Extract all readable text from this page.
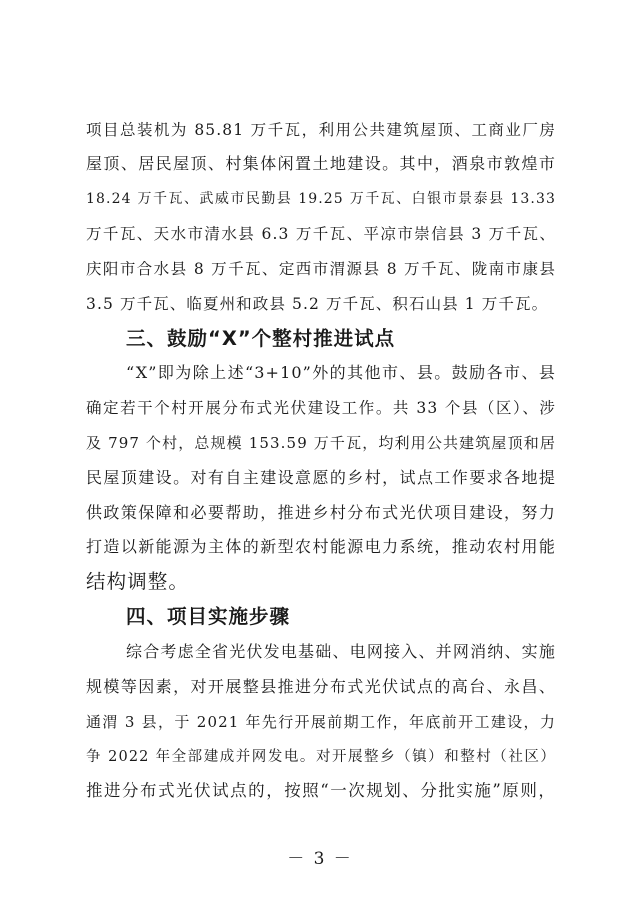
项目总装机为 85.81 万千瓦，利用公共建筑屋顶、工商业厂房
屋顶、居民屋顶、村集体闲置土地建设。其中，酒泉市敦煌市
18.24 万千瓦、武威市民勤县 19.25 万千瓦、白银市景泰县 13.33
万千瓦、天水市清水县 6.3 万千瓦、平凉市崇信县 3 万千瓦、
庆阳市合水县 8 万千瓦、定西市渭源县 8 万千瓦、陇南市康县
3.5 万千瓦、临夏州和政县 5.2 万千瓦、积石山县 1 万千瓦。
三、鼓励“X”个整村推进试点
“X”即为除上述“3+10”外的其他市、县。鼓励各市、县
确定若干个村开展分布式光伏建设工作。共 33 个县（区）、涉
及 797 个村，总规模 153.59 万千瓦，均利用公共建筑屋顶和居
民屋顶建设。对有自主建设意愿的乡村，试点工作要求各地提
供政策保障和必要帮助，推进乡村分布式光伏项目建设，努力
打造以新能源为主体的新型农村能源电力系统，推动农村用能
结构调整。
四、项目实施步骤
综合考虑全省光伏发电基础、电网接入、并网消纳、实施
规模等因素，对开展整县推进分布式光伏试点的高台、永昌、
通渭 3 县，于 2021 年先行开展前期工作，年底前开工建设，力
争 2022 年全部建成并网发电。对开展整乡（镇）和整村（社区）
推进分布式光伏试点的，按照“一次规划、分批实施”原则，
－ 3 －
